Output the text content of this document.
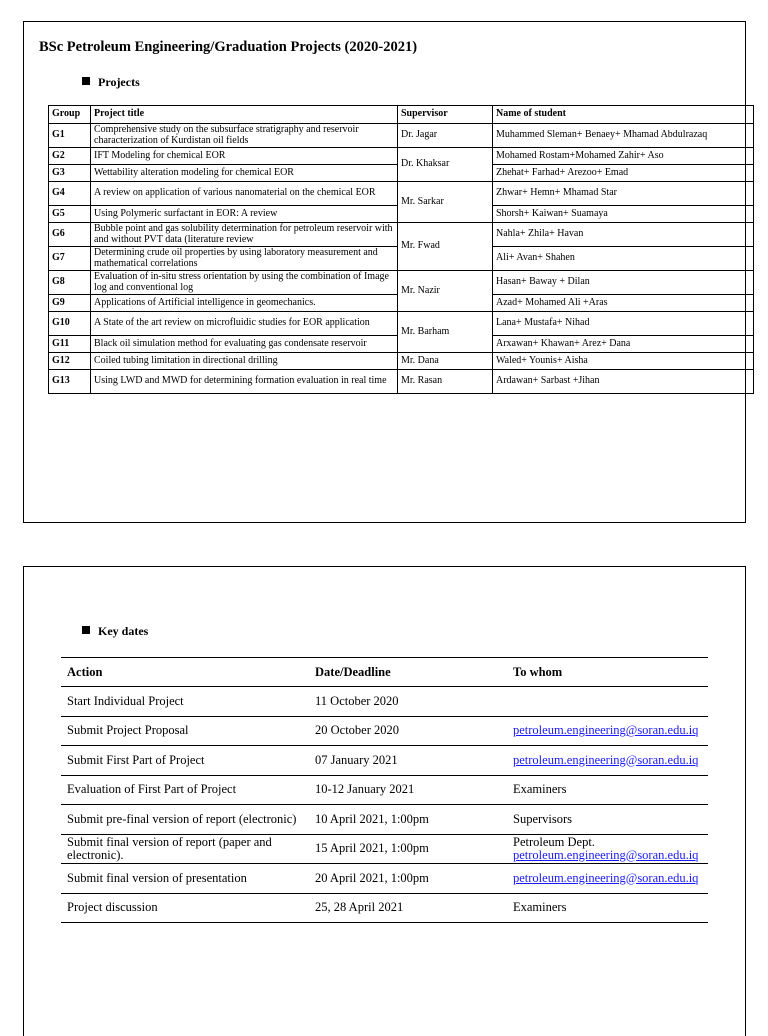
BSc Petroleum Engineering/Graduation Projects (2020-2021)
Projects
Group	Project title	Supervisor	Name of student
G1	Comprehensive study on the subsurface stratigraphy and reservoir characterization of Kurdistan oil fields	Dr. Jagar	Muhammed Sleman+ Benaey+ Mhamad Abdulrazaq
G2	IFT Modeling for chemical EOR	Dr. Khaksar	Mohamed Rostam+Mohamed Zahir+ Aso
G3	Wettability alteration modeling for chemical EOR		Zhehat+ Farhad+ Arezoo+ Emad
G4	A review on application of various nanomaterial on the chemical EOR	Mr. Sarkar	Zhwar+ Hemn+ Mhamad Star
G5	Using Polymeric surfactant in EOR: A review		Shorsh+ Kaiwan+ Suamaya
G6	Bubble point and gas solubility determination for petroleum reservoir with and without PVT data (literature review	Mr. Fwad	Nahla+ Zhila+ Havan
G7	Determining crude oil properties by using laboratory measurement and mathematical correlations		Ali+ Avan+ Shahen
G8	Evaluation of in-situ stress orientation by using the combination of Image log and conventional log	Mr. Nazir	Hasan+ Baway + Dilan
G9	Applications of Artificial intelligence in geomechanics.		Azad+ Mohamed Ali +Aras
G10	A State of the art review on microfluidic studies for EOR application	Mr. Barham	Lana+ Mustafa+ Nihad
G11	Black oil simulation method for evaluating gas condensate reservoir		Arxawan+ Khawan+ Arez+ Dana
G12	Coiled tubing limitation in directional drilling	Mr. Dana	Waled+ Younis+ Aisha
G13	Using LWD and MWD for determining formation evaluation in real time	Mr. Rasan	Ardawan+ Sarbast +Jihan
Key dates
Action	Date/Deadline	To whom
Start Individual Project	11 October 2020	
Submit Project Proposal	20 October 2020	petroleum.engineering@soran.edu.iq
Submit First Part of Project	07 January 2021	petroleum.engineering@soran.edu.iq
Evaluation of First Part of Project	10-12 January 2021	Examiners
Submit pre-final version of report (electronic)	10 April 2021, 1:00pm	Supervisors
Submit final version of report (paper and electronic).	15 April 2021, 1:00pm	Petroleum Dept.
petroleum.engineering@soran.edu.iq
Submit final version of presentation	20 April 2021, 1:00pm	petroleum.engineering@soran.edu.iq
Project discussion	25, 28 April 2021	Examiners
